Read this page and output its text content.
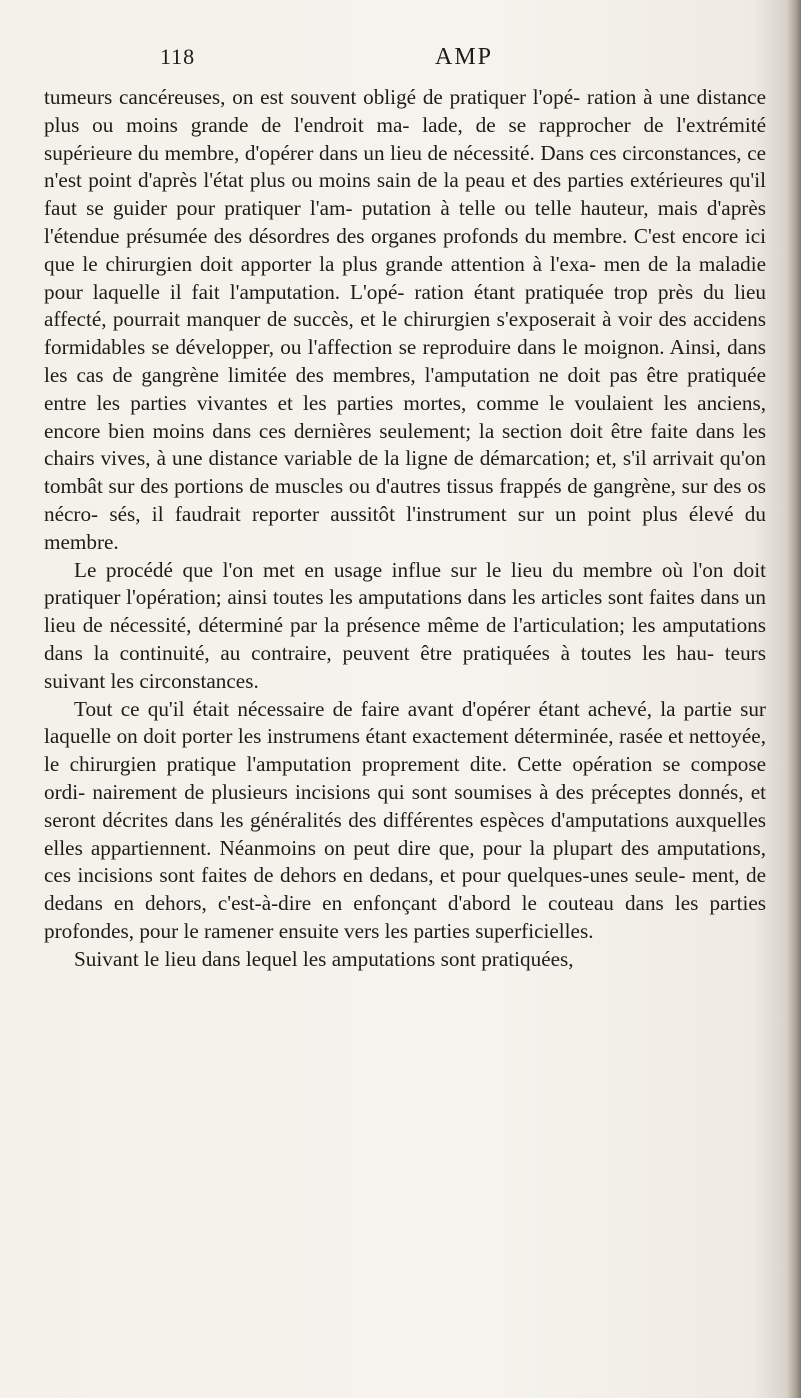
118	AMP

tumeurs cancéreuses, on est souvent obligé de pratiquer l'opé- ration à une distance plus ou moins grande de l'endroit ma- lade, de se rapprocher de l'extrémité supérieure du membre, d'opérer dans un lieu de nécessité. Dans ces circonstances, ce n'est point d'après l'état plus ou moins sain de la peau et des parties extérieures qu'il faut se guider pour pratiquer l'am- putation à telle ou telle hauteur, mais d'après l'étendue présumée des désordres des organes profonds du membre. C'est encore ici que le chirurgien doit apporter la plus grande attention à l'exa- men de la maladie pour laquelle il fait l'amputation. L'opé- ration étant pratiquée trop près du lieu affecté, pourrait manquer de succès, et le chirurgien s'exposerait à voir des accidens formidables se développer, ou l'affection se reproduire dans le moignon. Ainsi, dans les cas de gangrène limitée des membres, l'amputation ne doit pas être pratiquée entre les parties vivantes et les parties mortes, comme le voulaient les anciens, encore bien moins dans ces dernières seulement; la section doit être faite dans les chairs vives, à une distance variable de la ligne de démarcation; et, s'il arrivait qu'on tombât sur des portions de muscles ou d'autres tissus frappés de gangrène, sur des os nécro- sés, il faudrait reporter aussitôt l'instrument sur un point plus élevé du membre.

Le procédé que l'on met en usage influe sur le lieu du membre où l'on doit pratiquer l'opération; ainsi toutes les amputations dans les articles sont faites dans un lieu de nécessité, déterminé par la présence même de l'articulation; les amputations dans la continuité, au contraire, peuvent être pratiquées à toutes les hau- teurs suivant les circonstances.

Tout ce qu'il était nécessaire de faire avant d'opérer étant achevé, la partie sur laquelle on doit porter les instrumens étant exactement déterminée, rasée et nettoyée, le chirurgien pratique l'amputation proprement dite. Cette opération se compose ordi- nairement de plusieurs incisions qui sont soumises à des préceptes donnés, et seront décrites dans les généralités des différentes espèces d'amputations auxquelles elles appartiennent. Néanmoins on peut dire que, pour la plupart des amputations, ces incisions sont faites de dehors en dedans, et pour quelques-unes seule- ment, de dedans en dehors, c'est-à-dire en enfonçant d'abord le couteau dans les parties profondes, pour le ramener ensuite vers les parties superficielles.

Suivant le lieu dans lequel les amputations sont pratiquées,
